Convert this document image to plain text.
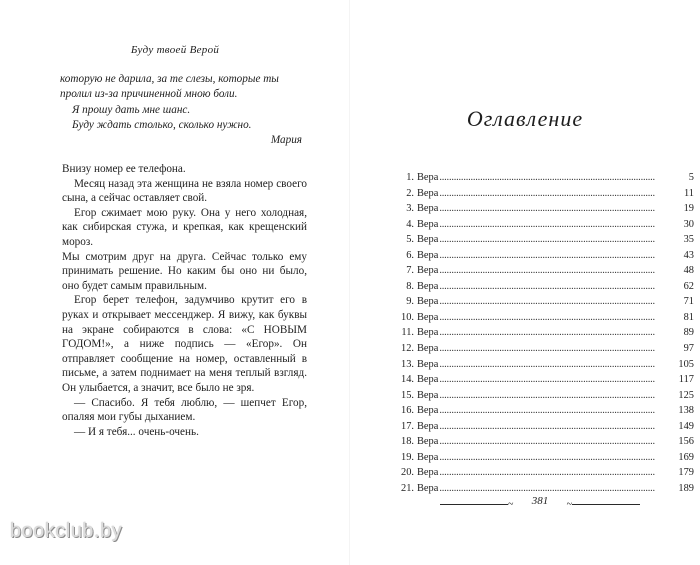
Буду твоей Верой

которую не дарила, за те слезы, которые ты

пролил из-за причиненной мною боли.

Я прошу дать мне шанс.

Буду ждать столько, сколько нужно.

Мария

Внизу номер ее телефона.

Месяц назад эта женщина не взяла номер своего сына, а сейчас оставляет свой.

Егор сжимает мою руку. Она у него холодная, как сибирская стужа, и крепкая, как крещенский мороз.

Мы смотрим друг на друга. Сейчас только ему принимать решение. Но каким бы оно ни было, оно будет самым правильным.

Егор берет телефон, задумчиво крутит его в руках и открывает мессенджер. Я вижу, как буквы на экране собираются в слова: «С НОВЫМ ГОДОМ!», а ниже подпись — «Егор». Он отправляет сообщение на номер, оставленный в письме, а затем поднимает на меня теплый взгляд. Он улыбается, а значит, все было не зря.

— Спасибо. Я тебя люблю, — шепчет Егор, опаляя мои губы дыханием.

— И я тебя... очень-очень.

Оглавление
1. Вера . . .	5
2. Вера . . .	11
3. Вера . . .	19
4. Вера . . .	30
5. Вера . . .	35
6. Вера . . .	43
7. Вера . . .	48
8. Вера . . .	62
9. Вера . . .	71
10. Вера . . .	81
11. Вера . . .	89
12. Вера . . .	97
13. Вера . . .	105
14. Вера . . .	117
15. Вера . . .	125
16. Вера . . .	138
17. Вера . . .	149
18. Вера . . .	156
19. Вера . . .	169
20. Вера . . .	179
21. Вера . . .	189
~	381	~
bookclub.by
